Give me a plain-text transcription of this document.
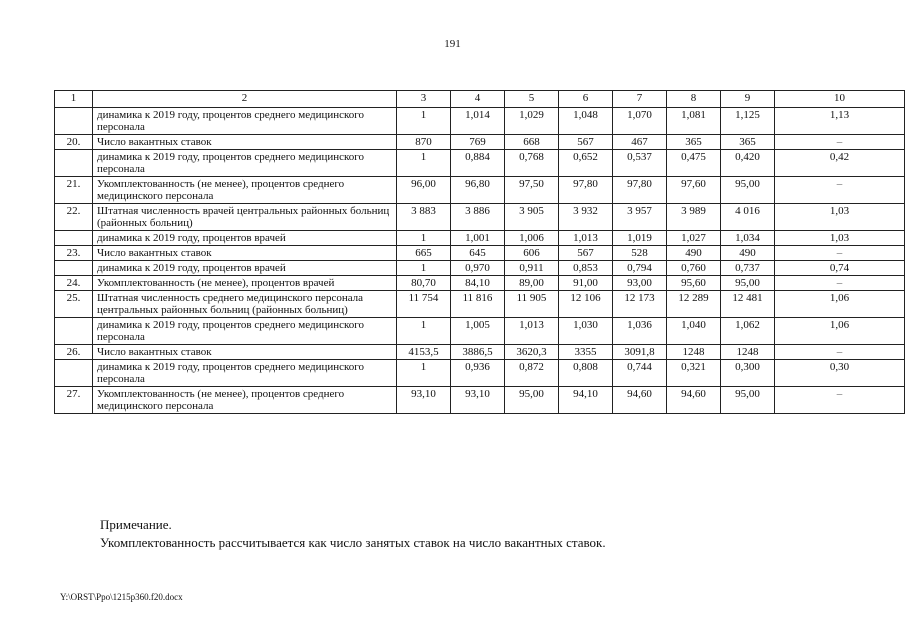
191
1	2	3	4	5	6	7	8	9	10
	динамика к 2019 году, процентов среднего медицинского персонала	1	1,014	1,029	1,048	1,070	1,081	1,125	1,13
20.	Число вакантных ставок	870	769	668	567	467	365	365	–
	динамика к 2019 году, процентов среднего медицинского персонала	1	0,884	0,768	0,652	0,537	0,475	0,420	0,42
21.	Укомплектованность (не менее), процентов среднего медицинского персонала	96,00	96,80	97,50	97,80	97,80	97,60	95,00	–
22.	Штатная численность врачей центральных районных больниц (районных больниц)	3 883	3 886	3 905	3 932	3 957	3 989	4 016	1,03
	динамика к 2019 году, процентов врачей	1	1,001	1,006	1,013	1,019	1,027	1,034	1,03
23.	Число вакантных ставок	665	645	606	567	528	490	490	–
	динамика к 2019 году, процентов врачей	1	0,970	0,911	0,853	0,794	0,760	0,737	0,74
24.	Укомплектованность (не менее), процентов врачей	80,70	84,10	89,00	91,00	93,00	95,60	95,00	–
25.	Штатная численность среднего медицинского персонала центральных районных больниц (районных больниц)	11 754	11 816	11 905	12 106	12 173	12 289	12 481	1,06
	динамика к 2019 году, процентов среднего медицинского персонала	1	1,005	1,013	1,030	1,036	1,040	1,062	1,06
26.	Число вакантных ставок	4153,5	3886,5	3620,3	3355	3091,8	1248	1248	–
	динамика к 2019 году, процентов среднего медицинского персонала	1	0,936	0,872	0,808	0,744	0,321	0,300	0,30
27.	Укомплектованность (не менее), процентов среднего медицинского персонала	93,10	93,10	95,00	94,10	94,60	94,60	95,00	–
Примечание.
Укомплектованность рассчитывается как число занятых ставок на число вакантных ставок.
Y:\ORST\Ppo\1215p360.f20.docx
